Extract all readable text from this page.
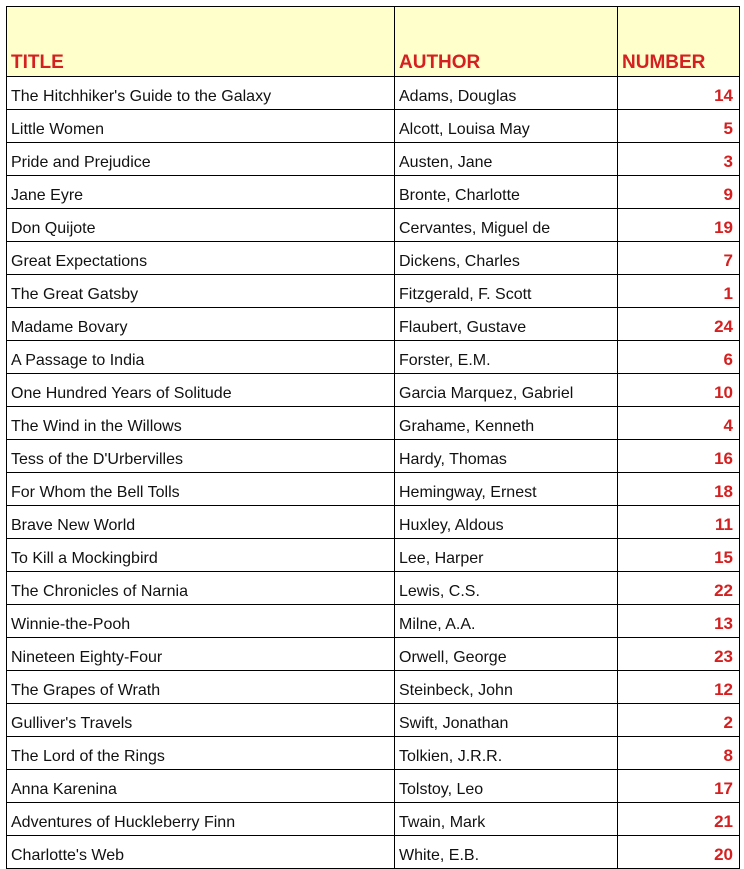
TITLE	AUTHOR	NUMBER
The Hitchhiker's Guide to the Galaxy	Adams, Douglas	14
Little Women	Alcott, Louisa May	5
Pride and Prejudice	Austen, Jane	3
Jane Eyre	Bronte, Charlotte	9
Don Quijote	Cervantes, Miguel de	19
Great Expectations	Dickens, Charles	7
The Great Gatsby	Fitzgerald, F. Scott	1
Madame Bovary	Flaubert, Gustave	24
A Passage to India	Forster, E.M.	6
One Hundred Years of Solitude	Garcia Marquez, Gabriel	10
The Wind in the Willows	Grahame, Kenneth	4
Tess of the D'Urbervilles	Hardy, Thomas	16
For Whom the Bell Tolls	Hemingway, Ernest	18
Brave New World	Huxley, Aldous	11
To Kill a Mockingbird	Lee, Harper	15
The Chronicles of Narnia	Lewis, C.S.	22
Winnie-the-Pooh	Milne, A.A.	13
Nineteen Eighty-Four	Orwell, George	23
The Grapes of Wrath	Steinbeck, John	12
Gulliver's Travels	Swift, Jonathan	2
The Lord of the Rings	Tolkien, J.R.R.	8
Anna Karenina	Tolstoy, Leo	17
Adventures of Huckleberry Finn	Twain, Mark	21
Charlotte's Web	White, E.B.	20
